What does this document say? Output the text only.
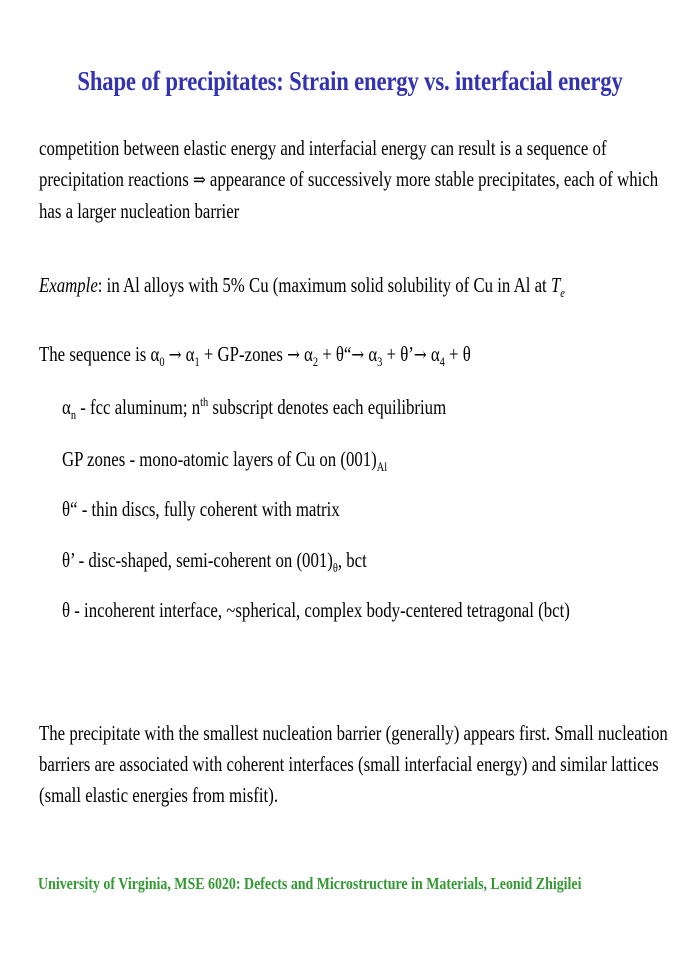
Shape of precipitates: Strain energy vs. interfacial energy
competition between elastic energy and interfacial energy can result is a sequence of
precipitation reactions ⇒ appearance of successively more stable precipitates, each of which
has a larger nucleation barrier
Example: in Al alloys with 5% Cu (maximum solid solubility of Cu in Al at $T_e$
The sequence is $\alpha_0 \to \alpha_1$ + GP-zones → $\alpha_2$ + θ“→ $\alpha_3$ + θ’→ $\alpha_4 + \theta$
$\alpha_n$ - fcc aluminum; $n^{th}$ subscript denotes each equilibrium
GP zones - mono-atomic layers of Cu on $(001)_{Al}$
θ“ - thin discs, fully coherent with matrix
θ’ - disc-shaped, semi-coherent on $(001)_\theta$, bct
θ - incoherent interface, ~spherical, complex body-centered tetragonal (bct)
The precipitate with the smallest nucleation barrier (generally) appears first. Small nucleation
barriers are associated with coherent interfaces (small interfacial energy) and similar lattices
(small elastic energies from misfit).
University of Virginia, MSE 6020: Defects and Microstructure in Materials, Leonid Zhigilei
